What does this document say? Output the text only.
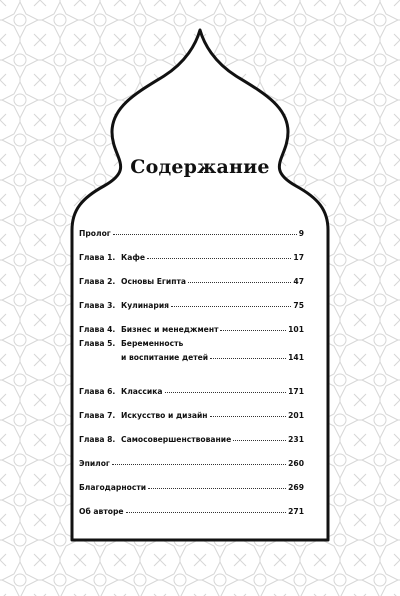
Содержание
Пролог	9
Глава 1. Кафе	17
Глава 2. Основы Египта	47
Глава 3. Кулинария	75
Глава 4. Бизнес и менеджмент	101
Глава 5. Беременность
и воспитание детей	141
Глава 6. Классика	171
Глава 7. Искусство и дизайн	201
Глава 8. Самосовершенствование	231
Эпилог	260
Благодарности	269
Об авторе	271
